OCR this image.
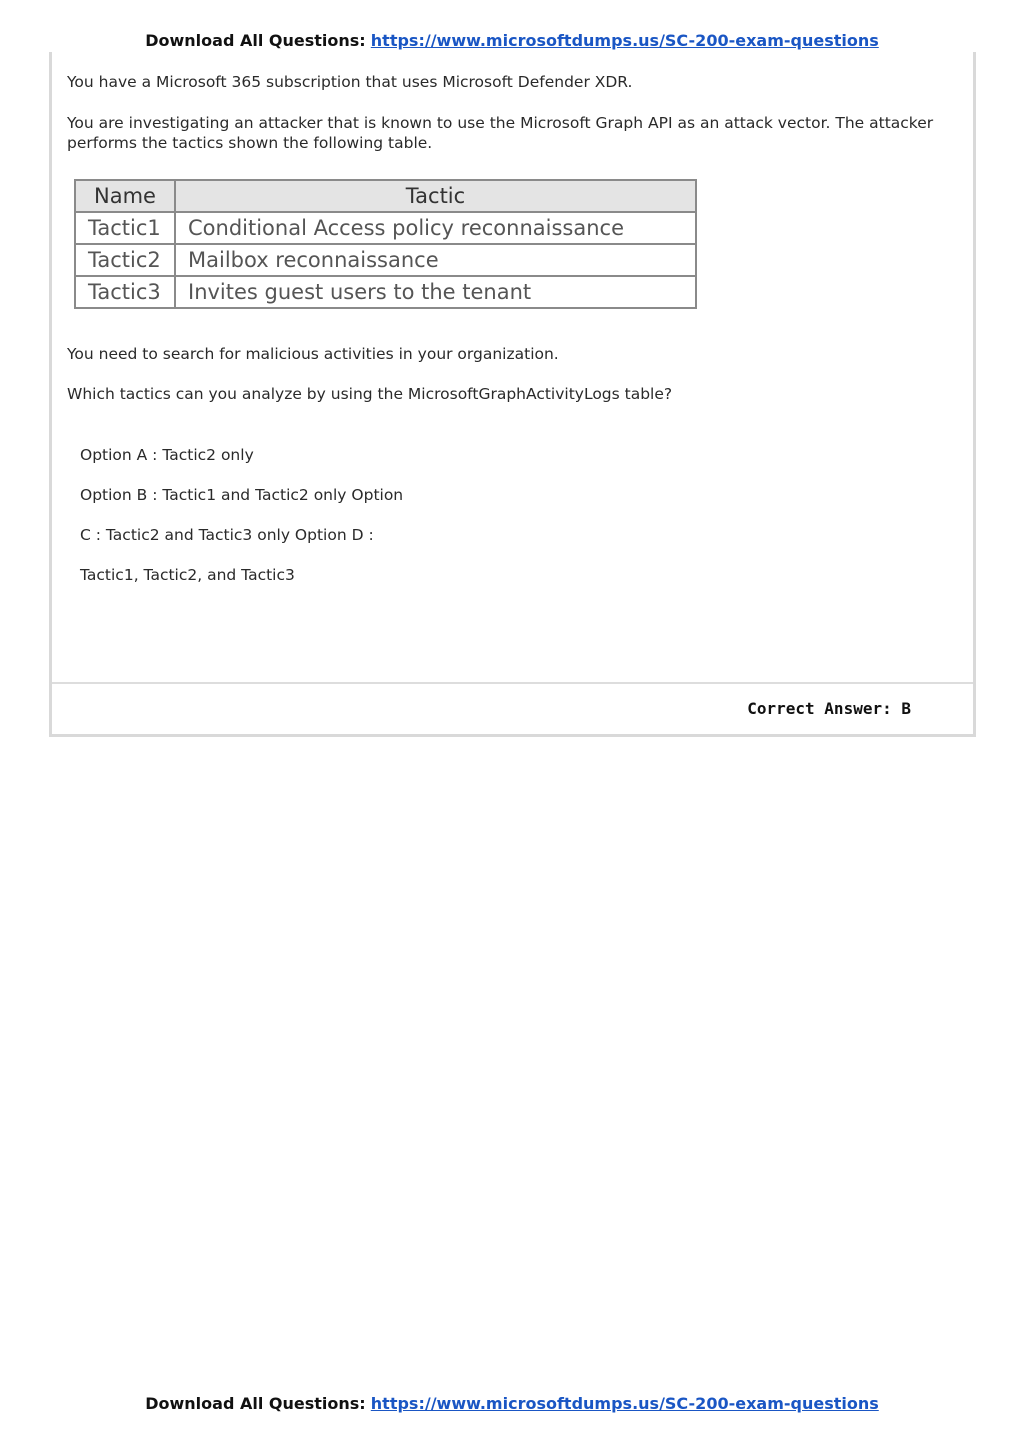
Download All Questions: https://www.microsoftdumps.us/SC-200-exam-questions

You have a Microsoft 365 subscription that uses Microsoft Defender XDR.

You are investigating an attacker that is known to use the Microsoft Graph API as an attack vector. The attacker performs the tactics shown the following table.

Name	Tactic
Tactic1	Conditional Access policy reconnaissance
Tactic2	Mailbox reconnaissance
Tactic3	Invites guest users to the tenant

You need to search for malicious activities in your organization.

Which tactics can you analyze by using the MicrosoftGraphActivityLogs table?

Option A : Tactic2 only

Option B : Tactic1 and Tactic2 only Option

C : Tactic2 and Tactic3 only Option D :

Tactic1, Tactic2, and Tactic3

Correct Answer: B
Download All Questions: https://www.microsoftdumps.us/SC-200-exam-questions
